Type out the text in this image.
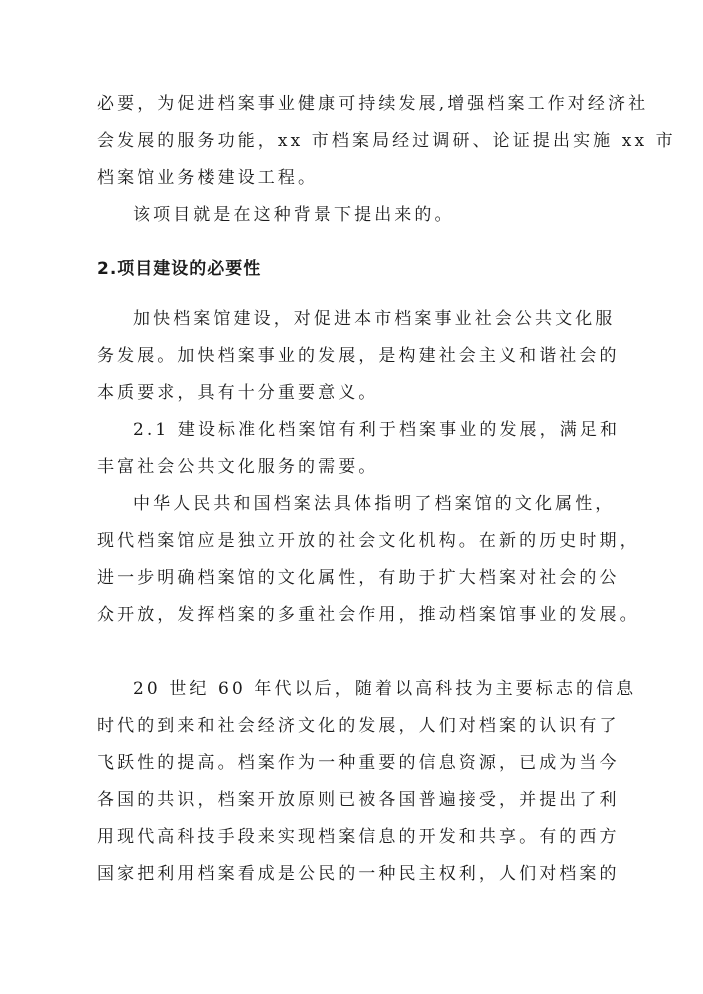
必要，为促进档案事业健康可持续发展,增强档案工作对经济社
会发展的服务功能，xx 市档案局经过调研、论证提出实施 xx 市
档案馆业务楼建设工程。
该项目就是在这种背景下提出来的。
2.项目建设的必要性
加快档案馆建设，对促进本市档案事业社会公共文化服
务发展。加快档案事业的发展，是构建社会主义和谐社会的
本质要求，具有十分重要意义。
2.1 建设标准化档案馆有利于档案事业的发展，满足和
丰富社会公共文化服务的需要。
中华人民共和国档案法具体指明了档案馆的文化属性，
现代档案馆应是独立开放的社会文化机构。在新的历史时期，
进一步明确档案馆的文化属性，有助于扩大档案对社会的公
众开放，发挥档案的多重社会作用，推动档案馆事业的发展。
20 世纪 60 年代以后，随着以高科技为主要标志的信息
时代的到来和社会经济文化的发展，人们对档案的认识有了
飞跃性的提高。档案作为一种重要的信息资源，已成为当今
各国的共识，档案开放原则已被各国普遍接受，并提出了利
用现代高科技手段来实现档案信息的开发和共享。有的西方
国家把利用档案看成是公民的一种民主权利，人们对档案的
